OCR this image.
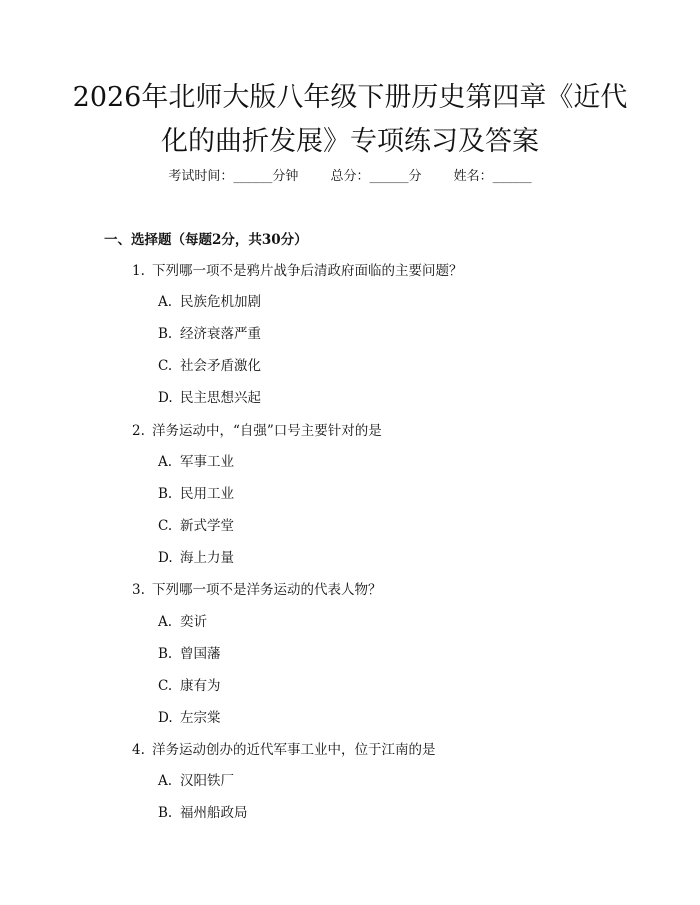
2026年北师大版八年级下册历史第四章《近代化的曲折发展》专项练习及答案
考试时间：______分钟 总分：______分 姓名：______
一、选择题（每题2分，共30分）
1. 下列哪一项不是鸦片战争后清政府面临的主要问题？
A. 民族危机加剧
B. 经济衰落严重
C. 社会矛盾激化
D. 民主思想兴起
2. 洋务运动中，“自强”口号主要针对的是
A. 军事工业
B. 民用工业
C. 新式学堂
D. 海上力量
3. 下列哪一项不是洋务运动的代表人物？
A. 奕䜣
B. 曾国藩
C. 康有为
D. 左宗棠
4. 洋务运动创办的近代军事工业中，位于江南的是
A. 汉阳铁厂
B. 福州船政局
